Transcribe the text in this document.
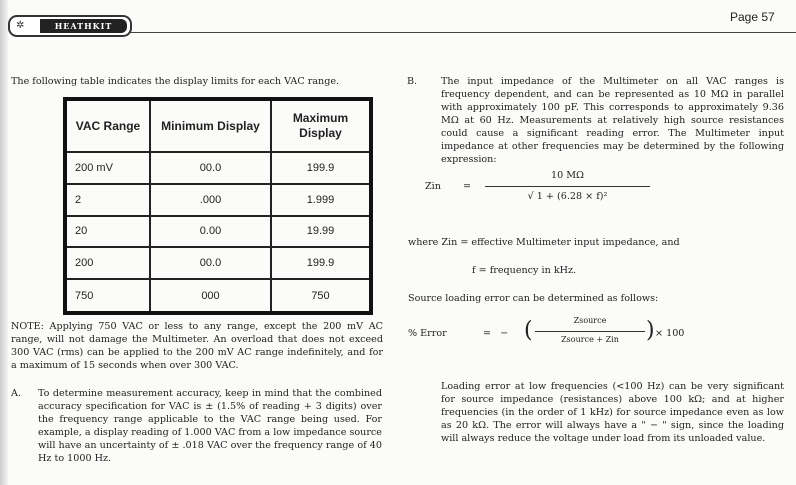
✲	HEATHKIT
Page 57
The following table indicates the display limits for each VAC range.
VAC Range	Minimum Display	Maximum Display
200 mV	00.0	199.9
2	.000	1.999
20	0.00	19.99
200	00.0	199.9
750	000	750
NOTE: Applying 750 VAC or less to any range, except the 200 mV AC range, will not damage the Multimeter. An overload that does not exceed 300 VAC (rms) can be applied to the 200 mV AC range indefinitely, and for a maximum of 15 seconds when over 300 VAC.
A. To determine measurement accuracy, keep in mind that the combined accuracy specification for VAC is ± (1.5% of reading + 3 digits) over the frequency range applicable to the VAC range being used. For example, a display reading of 1.000 VAC from a low impedance source will have an uncertainty of ± .018 VAC over the frequency range of 40 Hz to 1000 Hz.
B. The input impedance of the Multimeter on all VAC ranges is frequency dependent, and can be represented as 10 MΩ in parallel with approximately 100 pF. This corresponds to approximately 9.36 MΩ at 60 Hz. Measurements at relatively high source resistances could cause a significant reading error. The Multimeter input impedance at other frequencies may be determined by the following expression:
Zin =
10 MΩ
√ 1 + (6.28 × f)²
where Zin = effective Multimeter input impedance, and
f = frequency in kHz.
Source loading error can be determined as follows:
% Error	=   − (	Zsource
Zsource + Zin	) × 100
Loading error at low frequencies (<100 Hz) can be very significant for source impedance (resistances) above 100 kΩ; and at higher frequencies (in the order of 1 kHz) for source impedance even as low as 20 kΩ. The error will always have a " − " sign, since the loading will always reduce the voltage under load from its unloaded value.
